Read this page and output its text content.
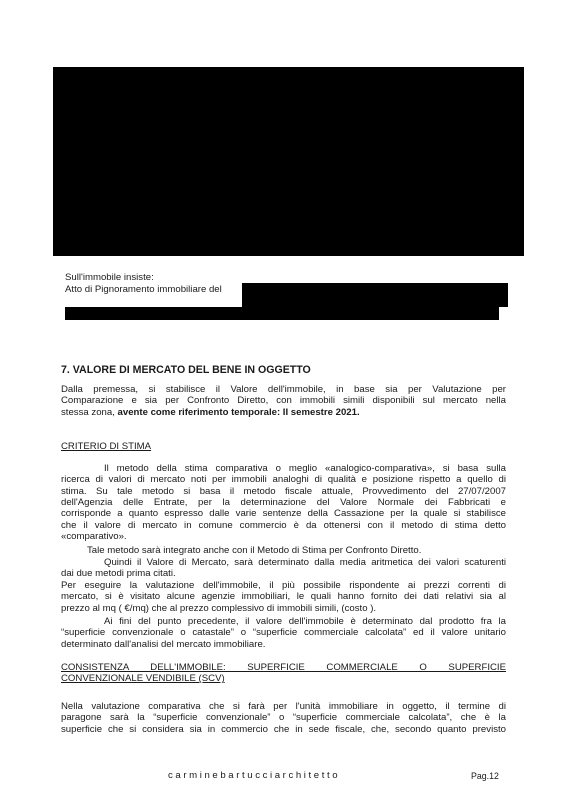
Sull'immobile insiste:
Atto di Pignoramento immobiliare del
7. VALORE DI MERCATO DEL BENE IN OGGETTO
Dalla premessa, si stabilisce il Valore dell'immobile, in base sia per Valutazione per
Comparazione e sia per Confronto Diretto, con immobili simili disponibili sul mercato nella
stessa zona, avente come riferimento temporale: II semestre 2021.
CRITERIO DI STIMA
Il metodo della stima comparativa o meglio «analogico-comparativa», si basa sulla
ricerca di valori di mercato noti per immobili analoghi di qualità e posizione rispetto a quello di
stima. Su tale metodo si basa il metodo fiscale attuale, Provvedimento del 27/07/2007
dell'Agenzia delle Entrate, per la determinazione del Valore Normale dei Fabbricati e
corrisponde a quanto espresso dalle varie sentenze della Cassazione per la quale si stabilisce
che il valore di mercato in comune commercio è da ottenersi con il metodo di stima detto
«comparativo».
Tale metodo sarà integrato anche con il Metodo di Stima per Confronto Diretto.
Quindi il Valore di Mercato, sarà determinato dalla media aritmetica dei valori scaturenti
dai due metodi prima citati.
Per eseguire la valutazione dell'immobile, il più possibile rispondente ai prezzi correnti di
mercato, si è visitato alcune agenzie immobiliari, le quali hanno fornito dei dati relativi sia al
prezzo al mq ( €/mq) che al prezzo complessivo di immobili simili, (costo ).
Ai fini del punto precedente, il valore dell'immobile è determinato dal prodotto fra la
“superficie convenzionale o catastale” o “superficie commerciale calcolata” ed il valore unitario
determinato dall'analisi del mercato immobiliare.
CONSISTENZA DELL'IMMOBILE: SUPERFICIE COMMERCIALE O SUPERFICIE
CONVENZIONALE VENDIBILE (SCV)
Nella valutazione comparativa che si farà per l'unità immobiliare in oggetto, il termine di
paragone sarà la “superficie convenzionale” o “superficie commerciale calcolata”, che è la
superficie che si considera sia in commercio che in sede fiscale, che, secondo quanto previsto
carminebartucciarchitetto	Pag.12
